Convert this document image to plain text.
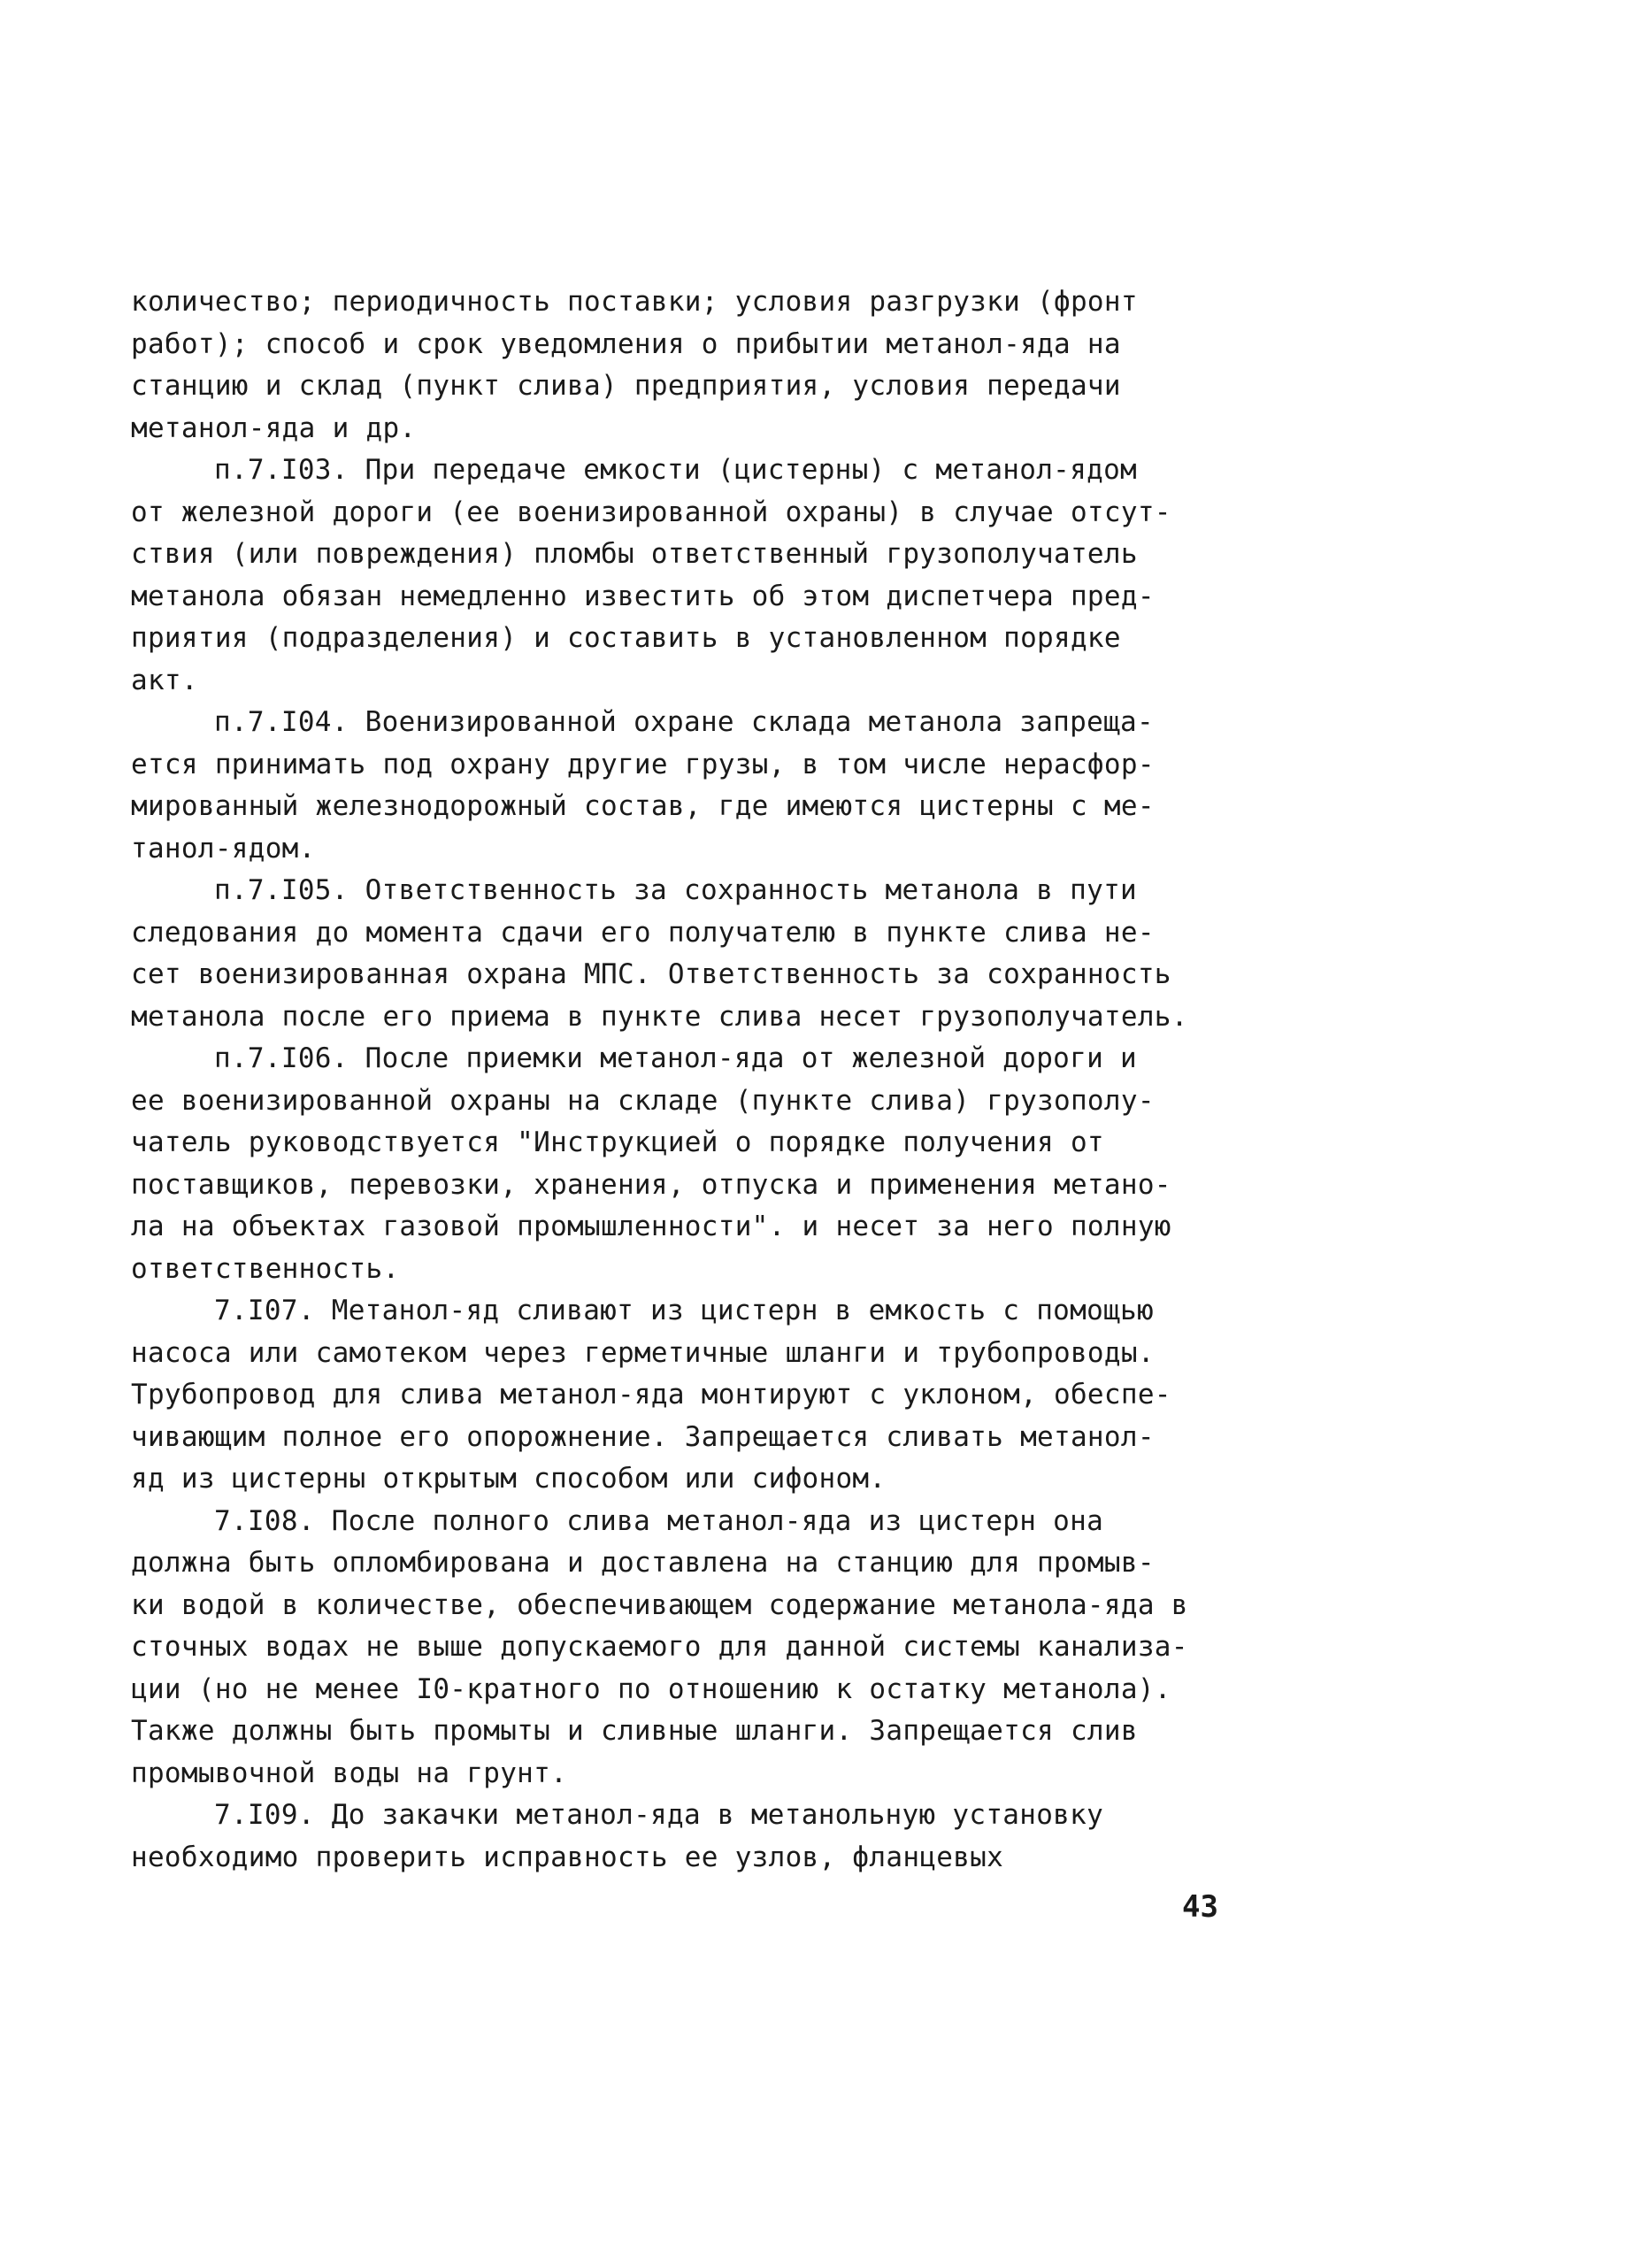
количество; периодичность поставки; условия разгрузки (фронт
работ); способ и срок уведомления о прибытии метанол-яда на
станцию и склад (пункт слива) предприятия, условия передачи
метанол-яда и др.

п.7.I03. При передаче емкости (цистерны) с метанол-ядом
от железной дороги (ее военизированной охраны) в случае отсут-
ствия (или повреждения) пломбы ответственный грузополучатель
метанола обязан немедленно известить об этом диспетчера пред-
приятия (подразделения) и составить в установленном порядке
акт.

п.7.I04. Военизированной охране склада метанола запреща-
ется принимать под охрану другие грузы, в том числе нерасфор-
мированный железнодорожный состав, где имеются цистерны с ме-
танол-ядом.

п.7.I05. Ответственность за сохранность метанола в пути
следования до момента сдачи его получателю в пункте слива не-
сет военизированная охрана МПС. Ответственность за сохранность
метанола после его приема в пункте слива несет грузополучатель.

п.7.I06. После приемки метанол-яда от железной дороги и
ее военизированной охраны на складе (пункте слива) грузополу-
чатель руководствуется "Инструкцией о порядке получения от
поставщиков, перевозки, хранения, отпуска и применения метано-
ла на объектах газовой промышленности". и несет за него полную
ответственность.

7.I07. Метанол-яд сливают из цистерн в емкость с помощью
насоса или самотеком через герметичные шланги и трубопроводы.
Трубопровод для слива метанол-яда монтируют с уклоном, обеспе-
чивающим полное его опорожнение. Запрещается сливать метанол-
яд из цистерны открытым способом или сифоном.

7.I08. После полного слива метанол-яда из цистерн она
должна быть опломбирована и доставлена на станцию для промыв-
ки водой в количестве, обеспечивающем содержание метанола-яда в
сточных водах не выше допускаемого для данной системы канализа-
ции (но не менее I0-кратного по отношению к остатку метанола).
Также должны быть промыты и сливные шланги. Запрещается слив
промывочной воды на грунт.

7.I09. До закачки метанол-яда в метанольную установку
необходимо проверить исправность ее узлов, фланцевых

43
